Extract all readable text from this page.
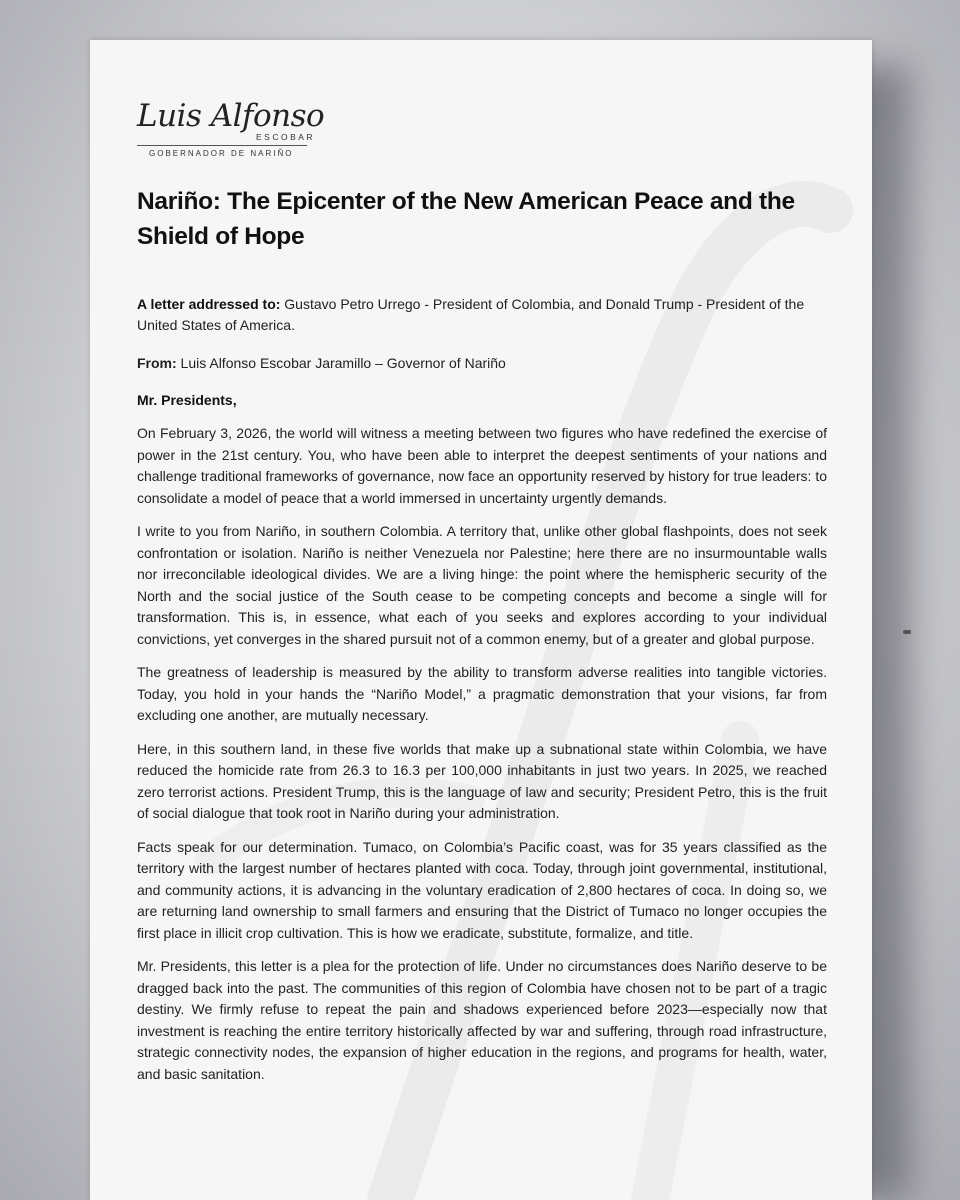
Luis Alfonso
ESCOBAR
GOBERNADOR DE NARIÑO
Nariño: The Epicenter of the New American Peace and the Shield of Hope

A letter addressed to: Gustavo Petro Urrego - President of Colombia, and Donald Trump - President of the United States of America.

From: Luis Alfonso Escobar Jaramillo – Governor of Nariño

Mr. Presidents,

On February 3, 2026, the world will witness a meeting between two figures who have redefined the exercise of power in the 21st century. You, who have been able to interpret the deepest sentiments of your nations and challenge traditional frameworks of governance, now face an opportunity reserved by history for true leaders: to consolidate a model of peace that a world immersed in uncertainty urgently demands.

I write to you from Nariño, in southern Colombia. A territory that, unlike other global flashpoints, does not seek confrontation or isolation. Nariño is neither Venezuela nor Palestine; here there are no insurmountable walls nor irreconcilable ideological divides. We are a living hinge: the point where the hemispheric security of the North and the social justice of the South cease to be competing concepts and become a single will for transformation. This is, in essence, what each of you seeks and explores according to your individual convictions, yet converges in the shared pursuit not of a common enemy, but of a greater and global purpose.

The greatness of leadership is measured by the ability to transform adverse realities into tangible victories. Today, you hold in your hands the “Nariño Model,” a pragmatic demonstration that your visions, far from excluding one another, are mutually necessary.

Here, in this southern land, in these five worlds that make up a subnational state within Colombia, we have reduced the homicide rate from 26.3 to 16.3 per 100,000 inhabitants in just two years. In 2025, we reached zero terrorist actions. President Trump, this is the language of law and security; President Petro, this is the fruit of social dialogue that took root in Nariño during your administration.

Facts speak for our determination. Tumaco, on Colombia’s Pacific coast, was for 35 years classified as the territory with the largest number of hectares planted with coca. Today, through joint governmental, institutional, and community actions, it is advancing in the voluntary eradication of 2,800 hectares of coca. In doing so, we are returning land ownership to small farmers and ensuring that the District of Tumaco no longer occupies the first place in illicit crop cultivation. This is how we eradicate, substitute, formalize, and title.

Mr. Presidents, this letter is a plea for the protection of life. Under no circumstances does Nariño deserve to be dragged back into the past. The communities of this region of Colombia have chosen not to be part of a tragic destiny. We firmly refuse to repeat the pain and shadows experienced before 2023—especially now that investment is reaching the entire territory historically affected by war and suffering, through road infrastructure, strategic connectivity nodes, the expansion of higher education in the regions, and programs for health, water, and basic sanitation.
